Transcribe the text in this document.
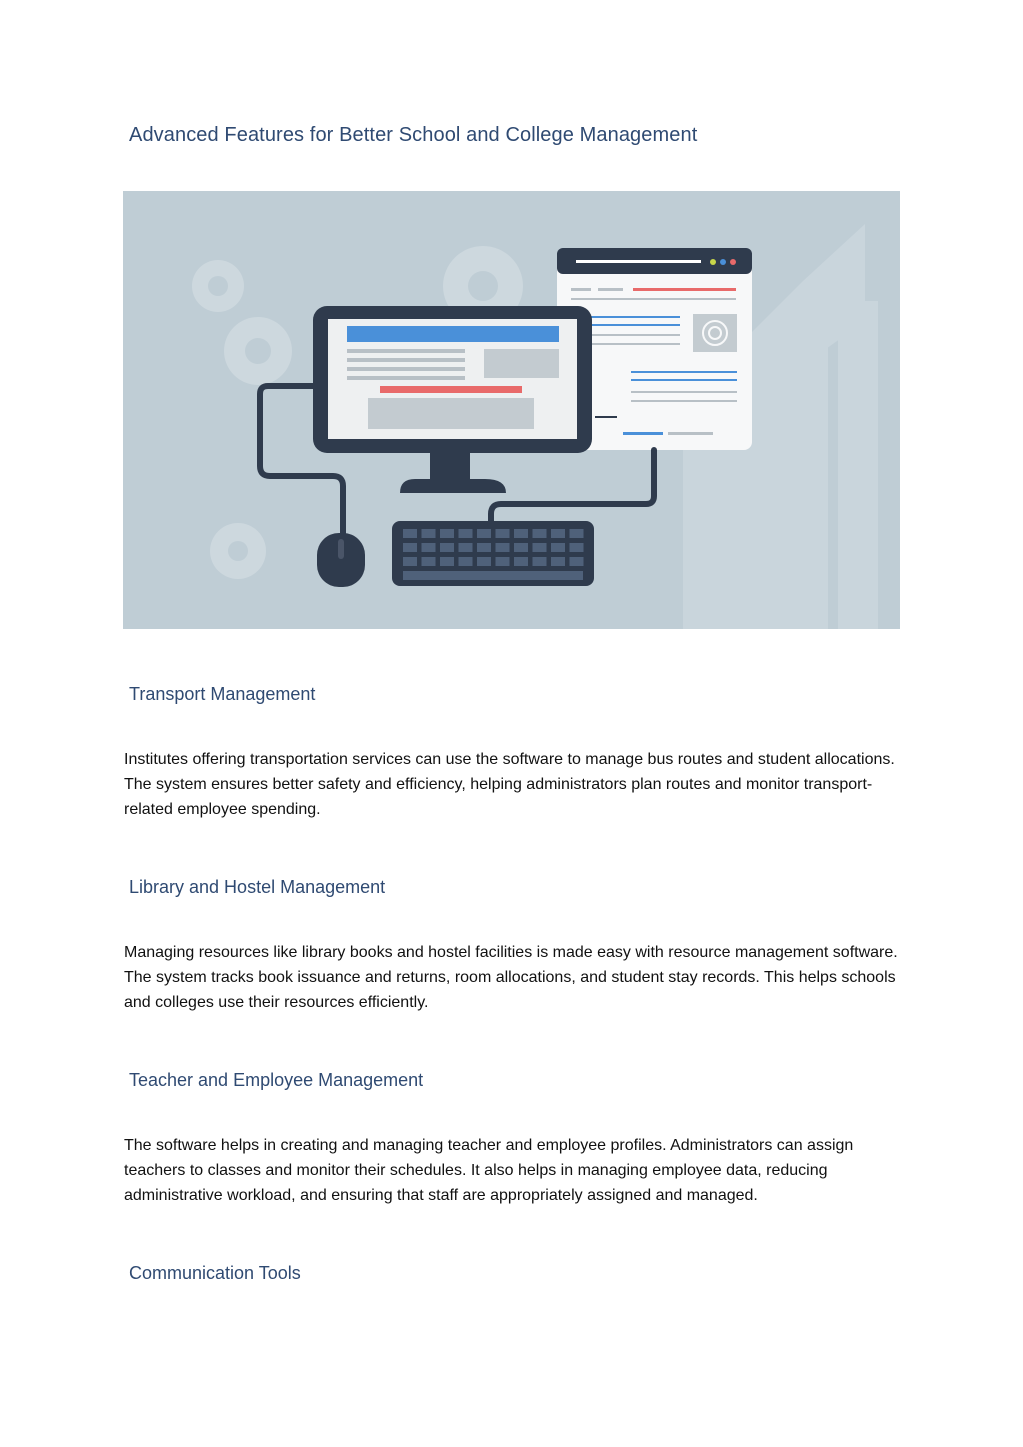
Advanced Features for Better School and College Management
Transport Management

Institutes offering transportation services can use the software to manage bus routes and student allocations. The system ensures better safety and efficiency, helping administrators plan routes and monitor transport-related employee spending.

Library and Hostel Management

Managing resources like library books and hostel facilities is made easy with resource management software. The system tracks book issuance and returns, room allocations, and student stay records. This helps schools and colleges use their resources efficiently.

Teacher and Employee Management

The software helps in creating and managing teacher and employee profiles. Administrators can assign teachers to classes and monitor their schedules. It also helps in managing employee data, reducing administrative workload, and ensuring that staff are appropriately assigned and managed.

Communication Tools
